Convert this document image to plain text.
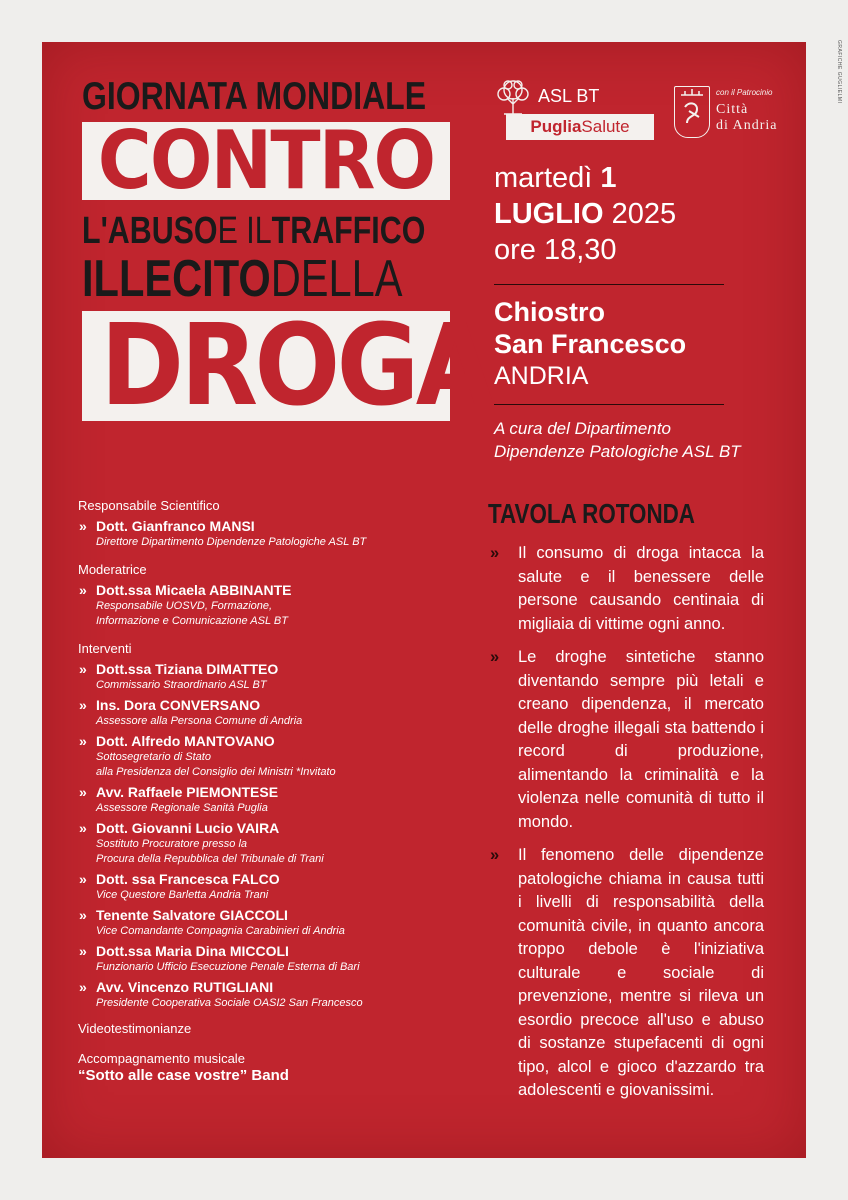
GRAFICHE GUGLIELMI
GIORNATA MONDIALE
CONTRO
L'ABUSOE ILTRAFFICO
ILLECITODELLA
DROGA
ASL BT
PugliaSalute
con il Patrocinio
Città
di Andria
martedì 1
LUGLIO 2025
ore 18,30
Chiostro
San Francesco
ANDRIA
A cura del Dipartimento
Dipendenze Patologiche ASL BT
Responsabile Scientifico
» Dott. Gianfranco MANSI
Direttore Dipartimento Dipendenze Patologiche ASL BT
Moderatrice
» Dott.ssa Micaela ABBINANTE
Responsabile UOSVD, Formazione,
Informazione e Comunicazione ASL BT
Interventi
» Dott.ssa Tiziana DIMATTEO
Commissario Straordinario ASL BT
» Ins. Dora CONVERSANO
Assessore alla Persona Comune di Andria
» Dott. Alfredo MANTOVANO
Sottosegretario di Stato
alla Presidenza del Consiglio dei Ministri *Invitato
» Avv. Raffaele PIEMONTESE
Assessore Regionale Sanità Puglia
» Dott. Giovanni Lucio VAIRA
Sostituto Procuratore presso la
Procura della Repubblica del Tribunale di Trani
» Dott. ssa Francesca FALCO
Vice Questore Barletta Andria Trani
» Tenente Salvatore GIACCOLI
Vice Comandante Compagnia Carabinieri di Andria
» Dott.ssa Maria Dina MICCOLI
Funzionario Ufficio Esecuzione Penale Esterna di Bari
» Avv. Vincenzo RUTIGLIANI
Presidente Cooperativa Sociale OASI2 San Francesco
Videotestimonianze
Accompagnamento musicale
“Sotto alle case vostre” Band
TAVOLA ROTONDA
» Il consumo di droga intacca la salute e il benessere delle persone causando centinaia di migliaia di vittime ogni anno.
» Le droghe sintetiche stanno diventando sempre più letali e creano dipendenza, il mercato delle droghe illegali sta battendo i record di produzione, alimentando la criminalità e la violenza nelle comunità di tutto il mondo.
» Il fenomeno delle dipendenze patologiche chiama in causa tutti i livelli di responsabilità della comunità civile, in quanto ancora troppo debole è l'iniziativa culturale e sociale di prevenzione, mentre si rileva un esordio precoce all'uso e abuso di sostanze stupefacenti di ogni tipo, alcol e gioco d'azzardo tra adolescenti e giovanissimi.
